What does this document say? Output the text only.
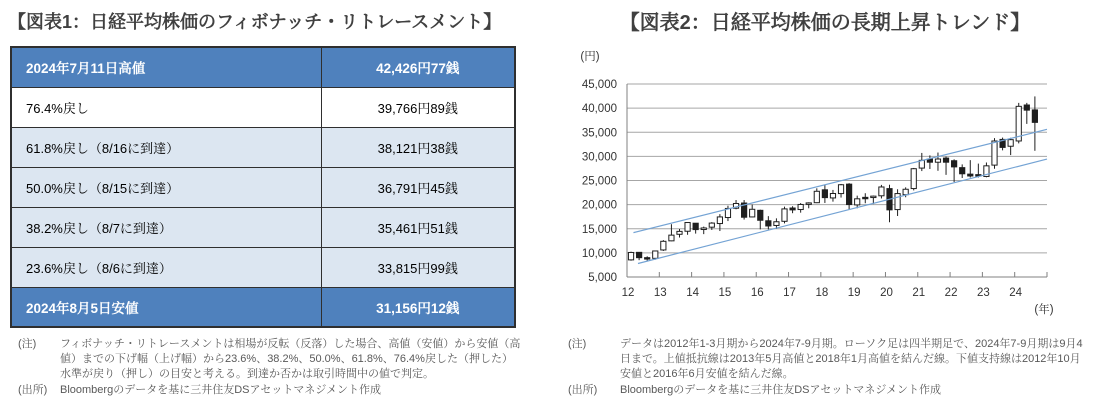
【図表1：日経平均株価のフィボナッチ・リトレースメント】
2024年7月11日高値	42,426円77銭
76.4%戻し	39,766円89銭
61.8%戻し（8/16に到達）	38,121円38銭
50.0%戻し（8/15に到達）	36,791円45銭
38.2%戻し（8/7に到達）	35,461円51銭
23.6%戻し（8/6に到達）	33,815円99銭
2024年8月5日安値	31,156円12銭
(注)	フィボナッチ・リトレースメントは相場が反転（反落）した場合、高値（安値）から安値（高値）までの下げ幅（上げ幅）から23.6%、38.2%、50.0%、61.8%、76.4%戻した（押した）水準が戻り（押し）の目安と考える。到達か否かは取引時間中の値で判定。
(出所)	Bloombergのデータを基に三井住友DSアセットマネジメント作成
【図表2：日経平均株価の長期上昇トレンド】
5,000
10,000
15,000
20,000
25,000
30,000
35,000
40,000
45,000
12 13 14 15 16 17 18 19 20 21 22 23 24
(円)
(年)
(注)	データは2012年1-3月期から2024年7-9月期。ローソク足は四半期足で、2024年7-9月期は9月4日まで。上値抵抗線は2013年5月高値と2018年1月高値を結んだ線。下値支持線は2012年10月安値と2016年6月安値を結んだ線。
(出所)	Bloombergのデータを基に三井住友DSアセットマネジメント作成
